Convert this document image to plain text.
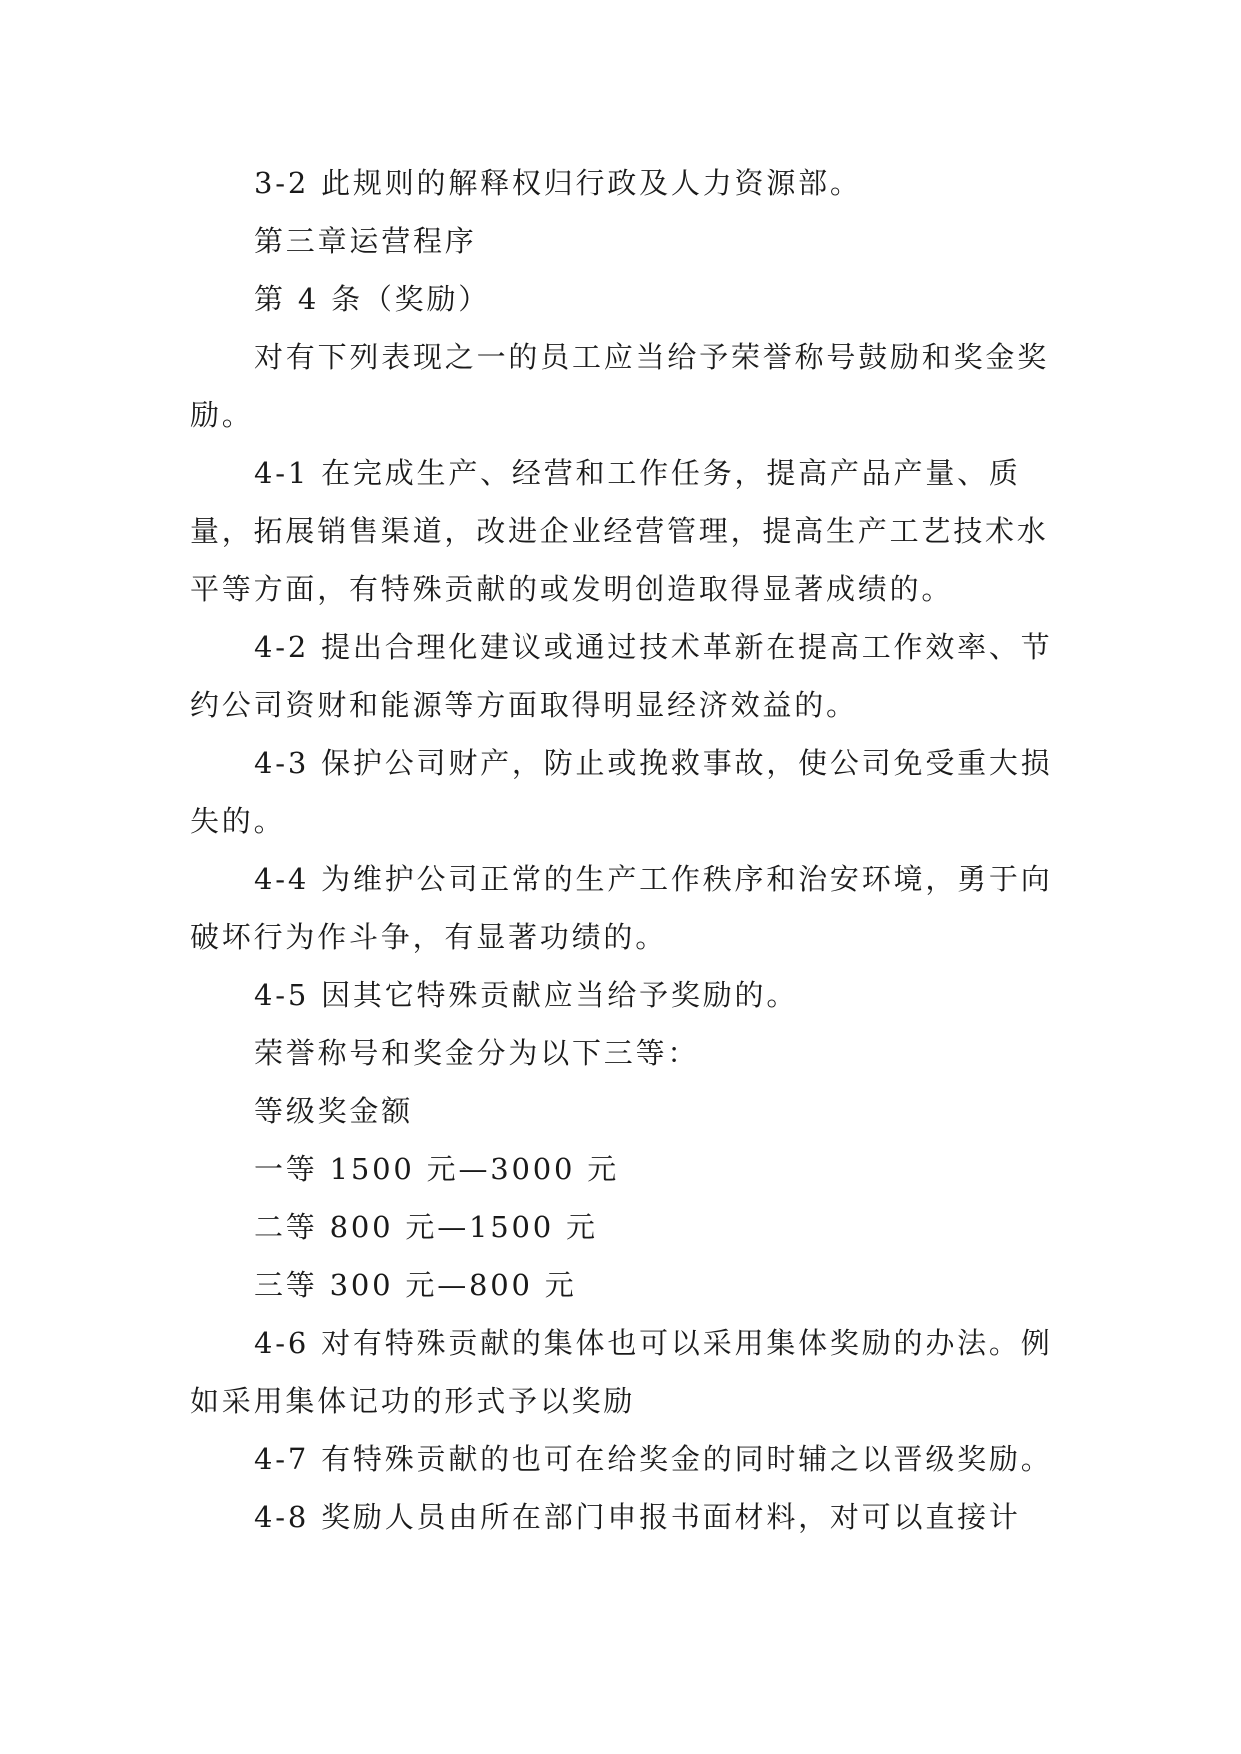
3-2 此规则的解释权归行政及人力资源部。

第三章运营程序

第 4 条（奖励）

对有下列表现之一的员工应当给予荣誉称号鼓励和奖金奖励。

4-1 在完成生产、经营和工作任务，提高产品产量、质量，拓展销售渠道，改进企业经营管理，提高生产工艺技术水平等方面，有特殊贡献的或发明创造取得显著成绩的。

4-2 提出合理化建议或通过技术革新在提高工作效率、节约公司资财和能源等方面取得明显经济效益的。

4-3 保护公司财产，防止或挽救事故，使公司免受重大损失的。

4-4 为维护公司正常的生产工作秩序和治安环境，勇于向破坏行为作斗争，有显著功绩的。

4-5 因其它特殊贡献应当给予奖励的。

荣誉称号和奖金分为以下三等：

等级奖金额

一等 1500 元—3000 元

二等 800 元—1500 元

三等 300 元—800 元

4-6 对有特殊贡献的集体也可以采用集体奖励的办法。例如采用集体记功的形式予以奖励

4-7 有特殊贡献的也可在给奖金的同时辅之以晋级奖励。

4-8 奖励人员由所在部门申报书面材料，对可以直接计
